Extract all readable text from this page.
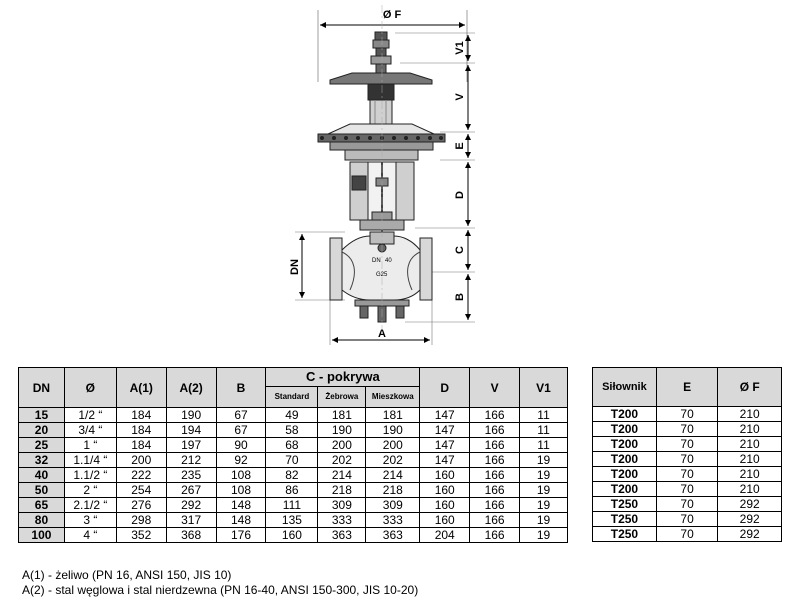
Ø F
V1
V
E
D
C
B
DN
A
DN 40
G25
DN	Ø	A(1)	A(2)	B	C - pokrywa			D	V	V1
					Standard	Żebrowa	Mieszkowa			
15	1/2 “	184	190	67	49	181	181	147	166	11
20	3/4 “	184	194	67	58	190	190	147	166	11
25	1 “	184	197	90	68	200	200	147	166	11
32	1.1/4 “	200	212	92	70	202	202	147	166	19
40	1.1/2 “	222	235	108	82	214	214	160	166	19
50	2 “	254	267	108	86	218	218	160	166	19
65	2.1/2 “	276	292	148	111	309	309	160	166	19
80	3 “	298	317	148	135	333	333	160	166	19
100	4 “	352	368	176	160	363	363	204	166	19
Siłownik	E	Ø F
T200	70	210
T200	70	210
T200	70	210
T200	70	210
T200	70	210
T200	70	210
T250	70	292
T250	70	292
T250	70	292
A(1) - żeliwo (PN 16, ANSI 150, JIS 10)
A(2) - stal węglowa i stal nierdzewna (PN 16-40, ANSI 150-300, JIS 10-20)
